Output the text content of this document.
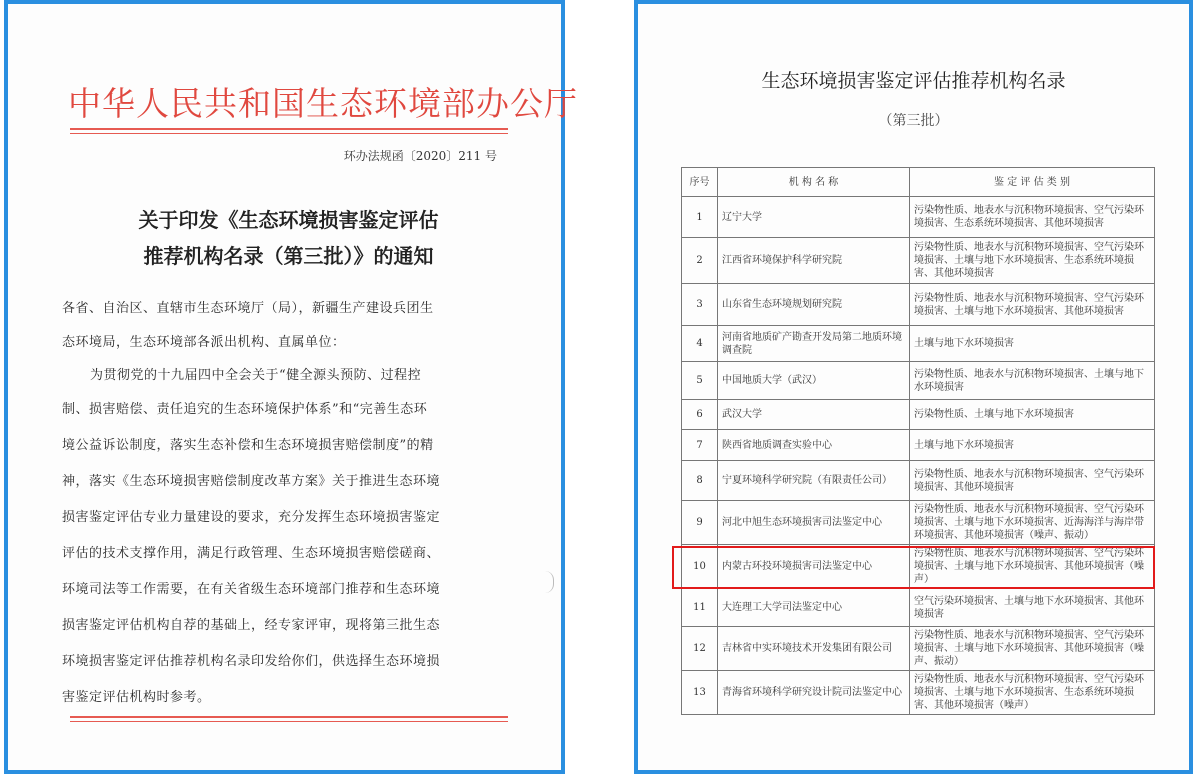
中华人民共和国生态环境部办公厅
环办法规函〔2020〕211 号
关于印发《生态环境损害鉴定评估
推荐机构名录（第三批）》的通知
各省、自治区、直辖市生态环境厅（局），新疆生产建设兵团生
态环境局，生态环境部各派出机构、直属单位：
为贯彻党的十九届四中全会关于“健全源头预防、过程控
制、损害赔偿、责任追究的生态环境保护体系”和“完善生态环
境公益诉讼制度，落实生态补偿和生态环境损害赔偿制度”的精
神，落实《生态环境损害赔偿制度改革方案》关于推进生态环境
损害鉴定评估专业力量建设的要求，充分发挥生态环境损害鉴定
评估的技术支撑作用，满足行政管理、生态环境损害赔偿磋商、
环境司法等工作需要，在有关省级生态环境部门推荐和生态环境
损害鉴定评估机构自荐的基础上，经专家评审，现将第三批生态
环境损害鉴定评估推荐机构名录印发给你们，供选择生态环境损
害鉴定评估机构时参考。
生态环境损害鉴定评估推荐机构名录
（第三批）
序号	机 构 名 称	鉴 定 评 估 类 别
1	辽宁大学	污染物性质、地表水与沉积物环境损害、空气污染环境损害、生态系统环境损害、其他环境损害
2	江西省环境保护科学研究院	污染物性质、地表水与沉积物环境损害、空气污染环境损害、土壤与地下水环境损害、生态系统环境损害、其他环境损害
3	山东省生态环境规划研究院	污染物性质、地表水与沉积物环境损害、空气污染环境损害、土壤与地下水环境损害、其他环境损害
4	河南省地质矿产勘查开发局第二地质环境调查院	土壤与地下水环境损害
5	中国地质大学（武汉）	污染物性质、地表水与沉积物环境损害、土壤与地下水环境损害
6	武汉大学	污染物性质、土壤与地下水环境损害
7	陕西省地质调查实验中心	土壤与地下水环境损害
8	宁夏环境科学研究院（有限责任公司）	污染物性质、地表水与沉积物环境损害、空气污染环境损害、其他环境损害
9	河北中旭生态环境损害司法鉴定中心	污染物性质、地表水与沉积物环境损害、空气污染环境损害、土壤与地下水环境损害、近海海洋与海岸带环境损害、其他环境损害（噪声、振动）
10	内蒙古环投环境损害司法鉴定中心	污染物性质、地表水与沉积物环境损害、空气污染环境损害、土壤与地下水环境损害、其他环境损害（噪声）
11	大连理工大学司法鉴定中心	空气污染环境损害、土壤与地下水环境损害、其他环境损害
12	吉林省中实环境技术开发集团有限公司	污染物性质、地表水与沉积物环境损害、空气污染环境损害、土壤与地下水环境损害、其他环境损害（噪声、振动）
13	青海省环境科学研究设计院司法鉴定中心	污染物性质、地表水与沉积物环境损害、空气污染环境损害、土壤与地下水环境损害、生态系统环境损害、其他环境损害（噪声）
